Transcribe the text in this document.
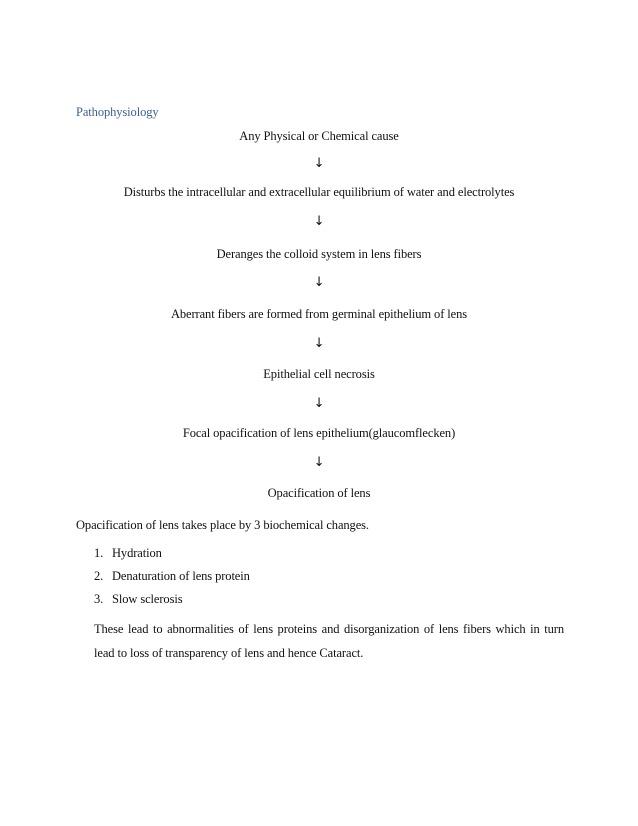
Pathophysiology
Any Physical or Chemical cause
↓
Disturbs the intracellular and extracellular equilibrium of water and electrolytes
↓
Deranges the colloid system in lens fibers
↓
Aberrant fibers are formed from germinal epithelium of lens
↓
Epithelial cell necrosis
↓
Focal opacification of lens epithelium(glaucomflecken)
↓
Opacification of lens
Opacification of lens takes place by 3 biochemical changes.
1. Hydration
2. Denaturation of lens protein
3. Slow sclerosis
These lead to abnormalities of lens proteins and disorganization of lens fibers which in turn lead to loss of transparency of lens and hence Cataract.
